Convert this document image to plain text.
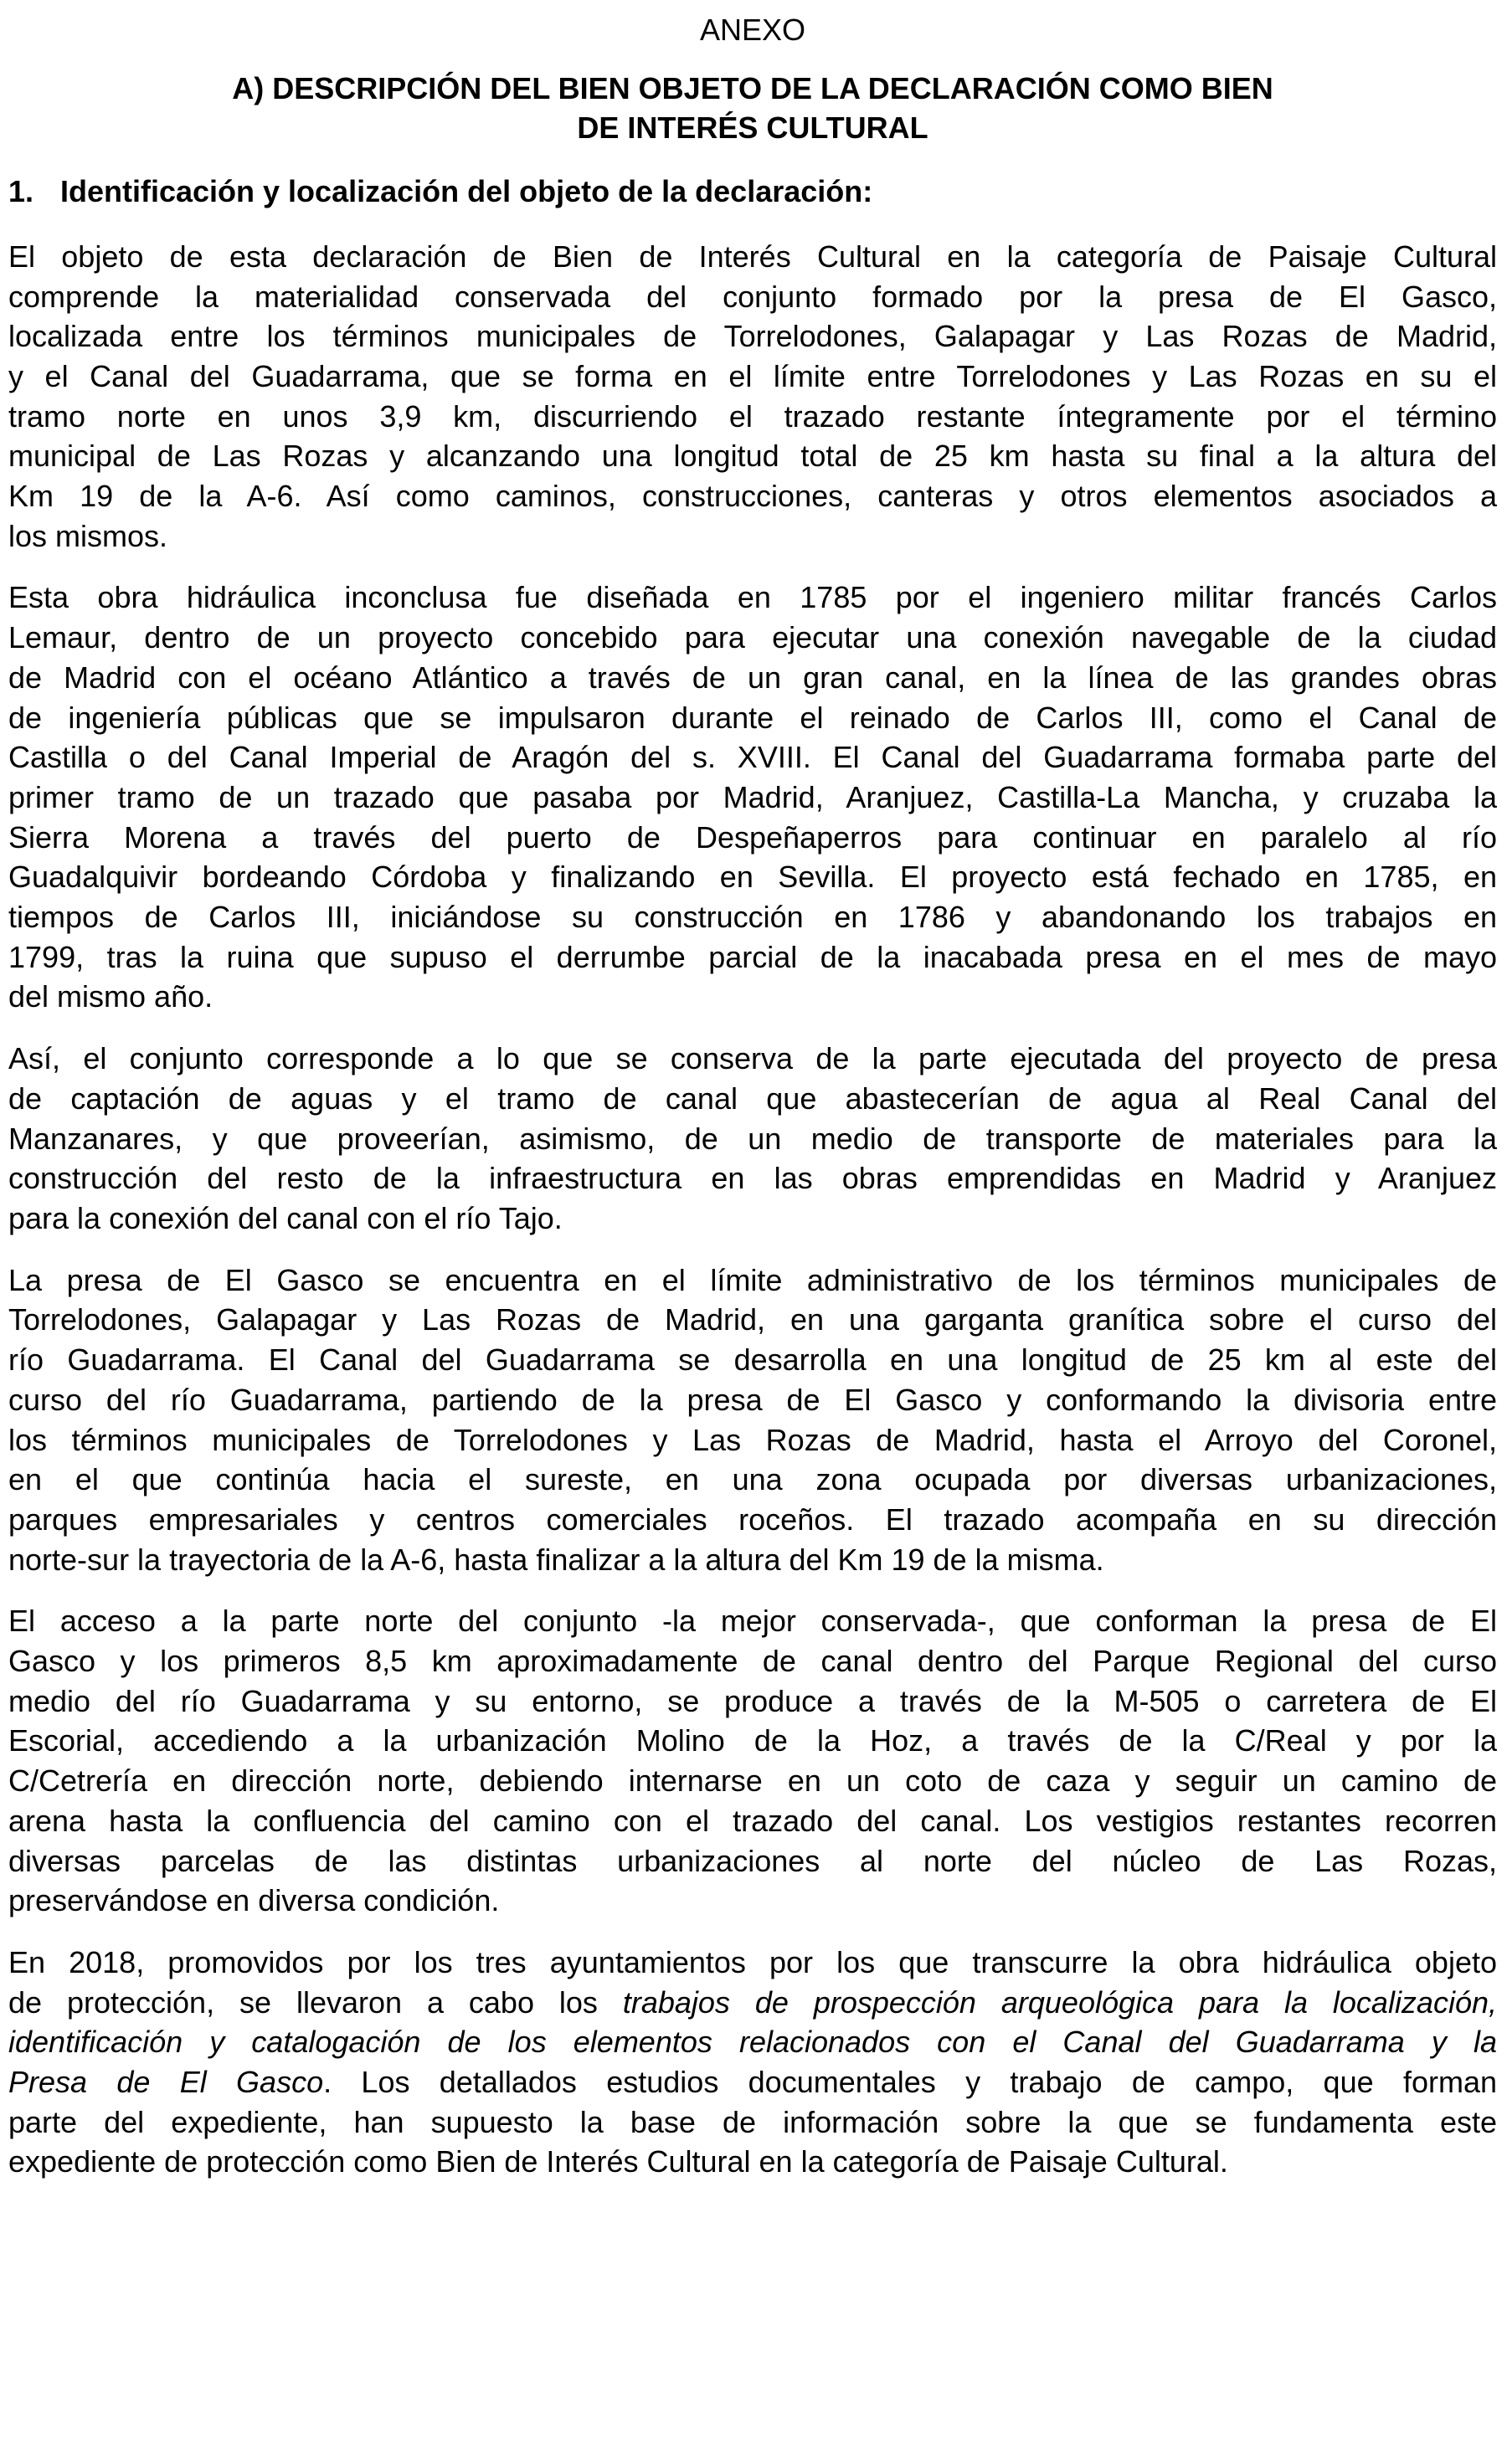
ANEXO
A) DESCRIPCIÓN DEL BIEN OBJETO DE LA DECLARACIÓN COMO BIEN
DE INTERÉS CULTURAL
1. Identificación y localización del objeto de la declaración:

El objeto de esta declaración de Bien de Interés Cultural en la categoría de Paisaje Cultural
comprende la materialidad conservada del conjunto formado por la presa de El Gasco,
localizada entre los términos municipales de Torrelodones, Galapagar y Las Rozas de Madrid,
y el Canal del Guadarrama, que se forma en el límite entre Torrelodones y Las Rozas en su el
tramo norte en unos 3,9 km, discurriendo el trazado restante íntegramente por el término
municipal de Las Rozas y alcanzando una longitud total de 25 km hasta su final a la altura del
Km 19 de la A-6. Así como caminos, construcciones, canteras y otros elementos asociados a
los mismos.

Esta obra hidráulica inconclusa fue diseñada en 1785 por el ingeniero militar francés Carlos
Lemaur, dentro de un proyecto concebido para ejecutar una conexión navegable de la ciudad
de Madrid con el océano Atlántico a través de un gran canal, en la línea de las grandes obras
de ingeniería públicas que se impulsaron durante el reinado de Carlos III, como el Canal de
Castilla o del Canal Imperial de Aragón del s. XVIII. El Canal del Guadarrama formaba parte del
primer tramo de un trazado que pasaba por Madrid, Aranjuez, Castilla-La Mancha, y cruzaba la
Sierra Morena a través del puerto de Despeñaperros para continuar en paralelo al río
Guadalquivir bordeando Córdoba y finalizando en Sevilla. El proyecto está fechado en 1785, en
tiempos de Carlos III, iniciándose su construcción en 1786 y abandonando los trabajos en
1799, tras la ruina que supuso el derrumbe parcial de la inacabada presa en el mes de mayo
del mismo año.

Así, el conjunto corresponde a lo que se conserva de la parte ejecutada del proyecto de presa
de captación de aguas y el tramo de canal que abastecerían de agua al Real Canal del
Manzanares, y que proveerían, asimismo, de un medio de transporte de materiales para la
construcción del resto de la infraestructura en las obras emprendidas en Madrid y Aranjuez
para la conexión del canal con el río Tajo.

La presa de El Gasco se encuentra en el límite administrativo de los términos municipales de
Torrelodones, Galapagar y Las Rozas de Madrid, en una garganta granítica sobre el curso del
río Guadarrama. El Canal del Guadarrama se desarrolla en una longitud de 25 km al este del
curso del río Guadarrama, partiendo de la presa de El Gasco y conformando la divisoria entre
los términos municipales de Torrelodones y Las Rozas de Madrid, hasta el Arroyo del Coronel,
en el que continúa hacia el sureste, en una zona ocupada por diversas urbanizaciones,
parques empresariales y centros comerciales roceños. El trazado acompaña en su dirección
norte-sur la trayectoria de la A-6, hasta finalizar a la altura del Km 19 de la misma.

El acceso a la parte norte del conjunto -la mejor conservada-, que conforman la presa de El
Gasco y los primeros 8,5 km aproximadamente de canal dentro del Parque Regional del curso
medio del río Guadarrama y su entorno, se produce a través de la M-505 o carretera de El
Escorial, accediendo a la urbanización Molino de la Hoz, a través de la C/Real y por la
C/Cetrería en dirección norte, debiendo internarse en un coto de caza y seguir un camino de
arena hasta la confluencia del camino con el trazado del canal. Los vestigios restantes recorren
diversas parcelas de las distintas urbanizaciones al norte del núcleo de Las Rozas,
preservándose en diversa condición.

En 2018, promovidos por los tres ayuntamientos por los que transcurre la obra hidráulica objeto
de protección, se llevaron a cabo los trabajos de prospección arqueológica para la localización,
identificación y catalogación de los elementos relacionados con el Canal del Guadarrama y la
Presa de El Gasco. Los detallados estudios documentales y trabajo de campo, que forman
parte del expediente, han supuesto la base de información sobre la que se fundamenta este
expediente de protección como Bien de Interés Cultural en la categoría de Paisaje Cultural.
